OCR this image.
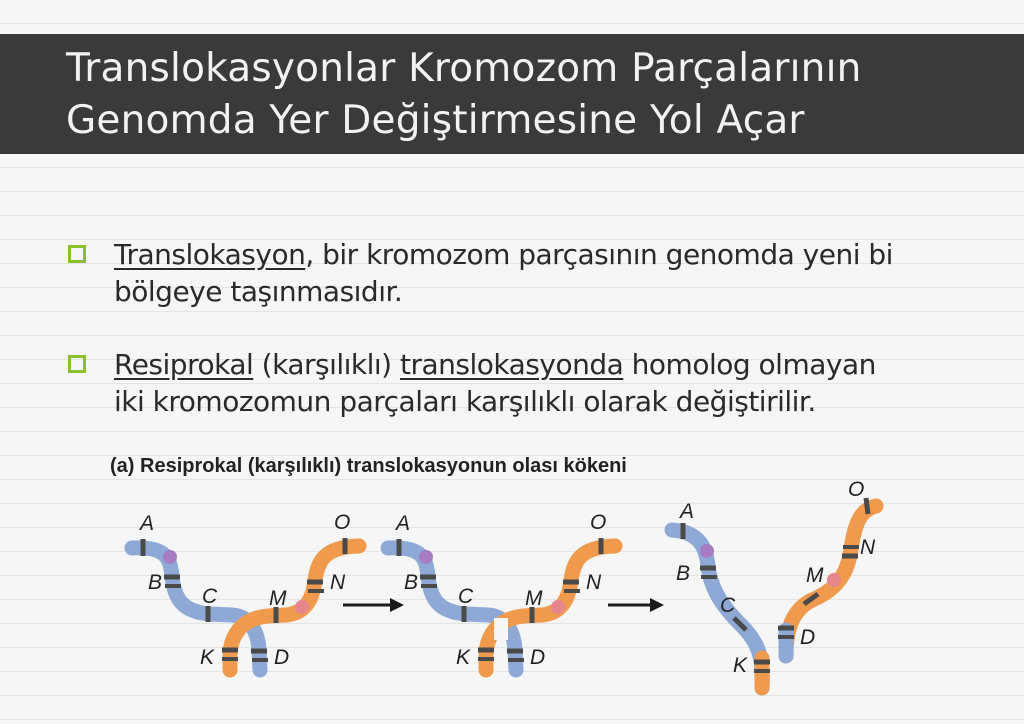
Translokasyonlar Kromozom Parçalarının
Genomda Yer Değiştirmesine Yol Açar
Translokasyon, bir kromozom parçasının genomda yeni bi
bölgeye taşınmasıdır.
Resiprokal (karşılıklı) translokasyonda homolog olmayan
iki kromozomun parçaları karşılıklı olarak değiştirilir.
(a) Resiprokal (karşılıklı) translokasyonun olası kökeni
A
B
C
K	D
M
N
O A
B
C
K	D
M
N
O	A
B
C
K
D
M
N
O
